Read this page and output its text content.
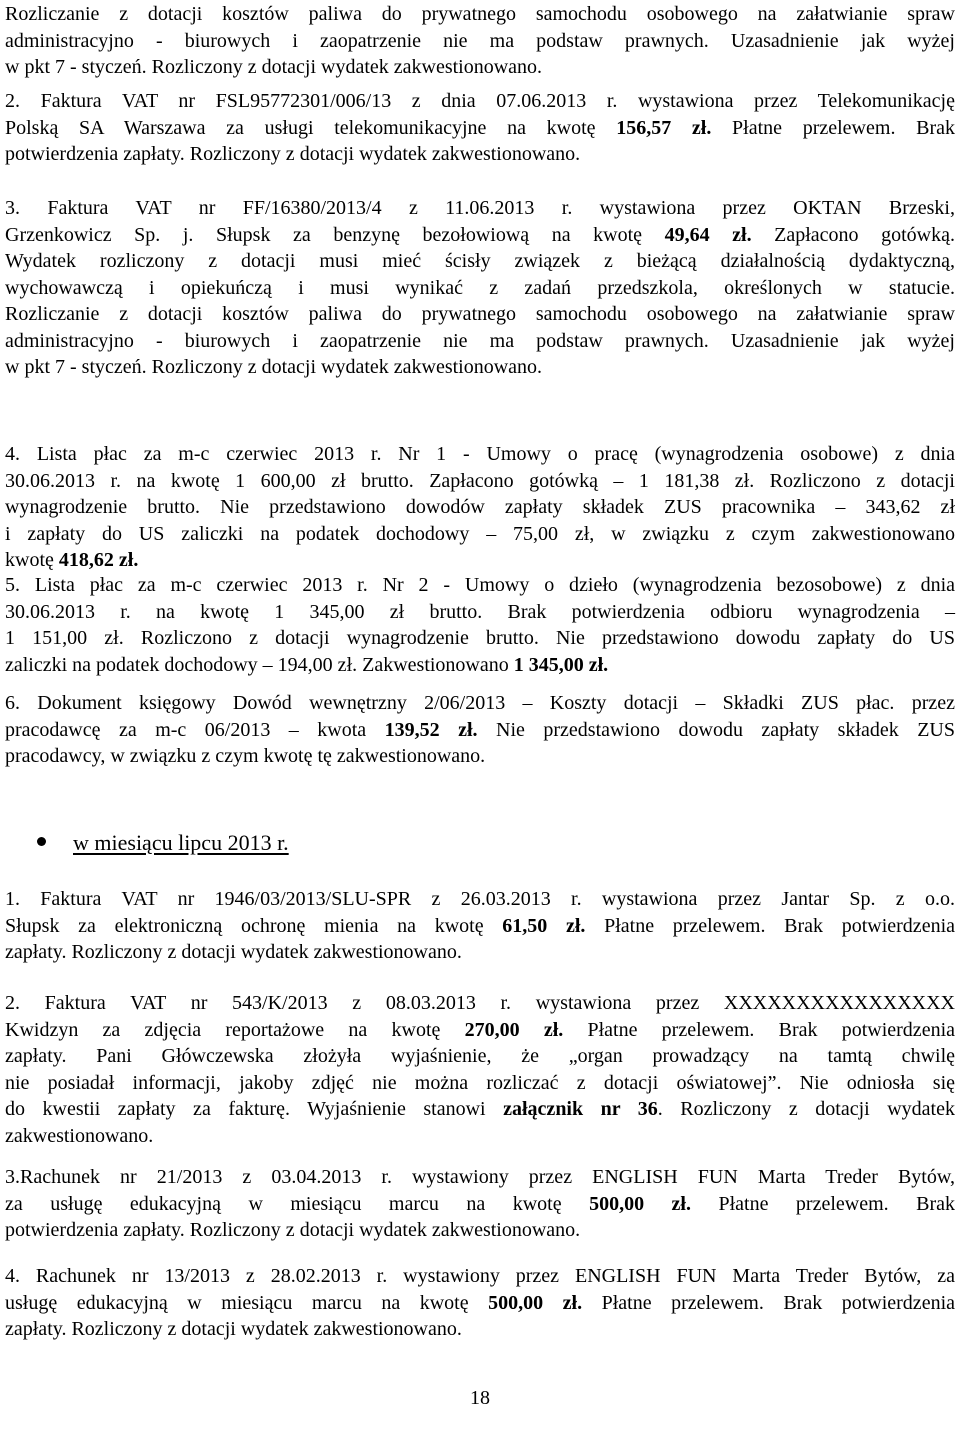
Rozliczanie z dotacji kosztów paliwa do prywatnego samochodu osobowego na załatwianie spraw
administracyjno - biurowych i zaopatrzenie nie ma podstaw prawnych. Uzasadnienie jak wyżej
w pkt 7 - styczeń. Rozliczony z dotacji wydatek zakwestionowano.
2. Faktura VAT nr FSL95772301/006/13 z dnia 07.06.2013 r. wystawiona przez Telekomunikację
Polską SA Warszawa za usługi telekomunikacyjne na kwotę 156,57 zł. Płatne przelewem. Brak
potwierdzenia zapłaty. Rozliczony z dotacji wydatek zakwestionowano.
3. Faktura VAT nr FF/16380/2013/4 z 11.06.2013 r. wystawiona przez OKTAN Brzeski,
Grzenkowicz Sp. j. Słupsk za benzynę bezołowiową na kwotę 49,64 zł. Zapłacono gotówką.
Wydatek rozliczony z dotacji musi mieć ścisły związek z bieżącą działalnością dydaktyczną,
wychowawczą i opiekuńczą i musi wynikać z zadań przedszkola, określonych w statucie.
Rozliczanie z dotacji kosztów paliwa do prywatnego samochodu osobowego na załatwianie spraw
administracyjno - biurowych i zaopatrzenie nie ma podstaw prawnych. Uzasadnienie jak wyżej
w pkt 7 - styczeń. Rozliczony z dotacji wydatek zakwestionowano.
4. Lista płac za m-c czerwiec 2013 r. Nr 1 - Umowy o pracę (wynagrodzenia osobowe) z dnia
30.06.2013 r. na kwotę 1 600,00 zł brutto. Zapłacono gotówką – 1 181,38 zł. Rozliczono z dotacji
wynagrodzenie brutto. Nie przedstawiono dowodów zapłaty składek ZUS pracownika – 343,62 zł
i zapłaty do US zaliczki na podatek dochodowy – 75,00 zł, w związku z czym zakwestionowano
kwotę 418,62 zł.
5. Lista płac za m-c czerwiec 2013 r. Nr 2 - Umowy o dzieło (wynagrodzenia bezosobowe) z dnia
30.06.2013 r. na kwotę 1 345,00 zł brutto. Brak potwierdzenia odbioru wynagrodzenia –
1 151,00 zł. Rozliczono z dotacji wynagrodzenie brutto. Nie przedstawiono dowodu zapłaty do US
zaliczki na podatek dochodowy – 194,00 zł. Zakwestionowano 1 345,00 zł.
6. Dokument księgowy Dowód wewnętrzny 2/06/2013 – Koszty dotacji – Składki ZUS płac. przez
pracodawcę za m-c 06/2013 – kwota 139,52 zł. Nie przedstawiono dowodu zapłaty składek ZUS
pracodawcy, w związku z czym kwotę tę zakwestionowano.
w miesiącu lipcu 2013 r.
1. Faktura VAT nr 1946/03/2013/SLU-SPR z 26.03.2013 r. wystawiona przez Jantar Sp. z o.o.
Słupsk za elektroniczną ochronę mienia na kwotę 61,50 zł. Płatne przelewem. Brak potwierdzenia
zapłaty. Rozliczony z dotacji wydatek zakwestionowano.
2. Faktura VAT nr 543/K/2013 z 08.03.2013 r. wystawiona przez XXXXXXXXXXXXXXXX
Kwidzyn za zdjęcia reportażowe na kwotę 270,00 zł. Płatne przelewem. Brak potwierdzenia
zapłaty. Pani Główczewska złożyła wyjaśnienie, że „organ prowadzący na tamtą chwilę
nie posiadał informacji, jakoby zdjęć nie można rozliczać z dotacji oświatowej”. Nie odniosła się
do kwestii zapłaty za fakturę. Wyjaśnienie stanowi załącznik nr 36. Rozliczony z dotacji wydatek
zakwestionowano.
3.Rachunek nr 21/2013 z 03.04.2013 r. wystawiony przez ENGLISH FUN Marta Treder Bytów,
za usługę edukacyjną w miesiącu marcu na kwotę 500,00 zł. Płatne przelewem. Brak
potwierdzenia zapłaty. Rozliczony z dotacji wydatek zakwestionowano.
4. Rachunek nr 13/2013 z 28.02.2013 r. wystawiony przez ENGLISH FUN Marta Treder Bytów, za
usługę edukacyjną w miesiącu marcu na kwotę 500,00 zł. Płatne przelewem. Brak potwierdzenia
zapłaty. Rozliczony z dotacji wydatek zakwestionowano.
18
